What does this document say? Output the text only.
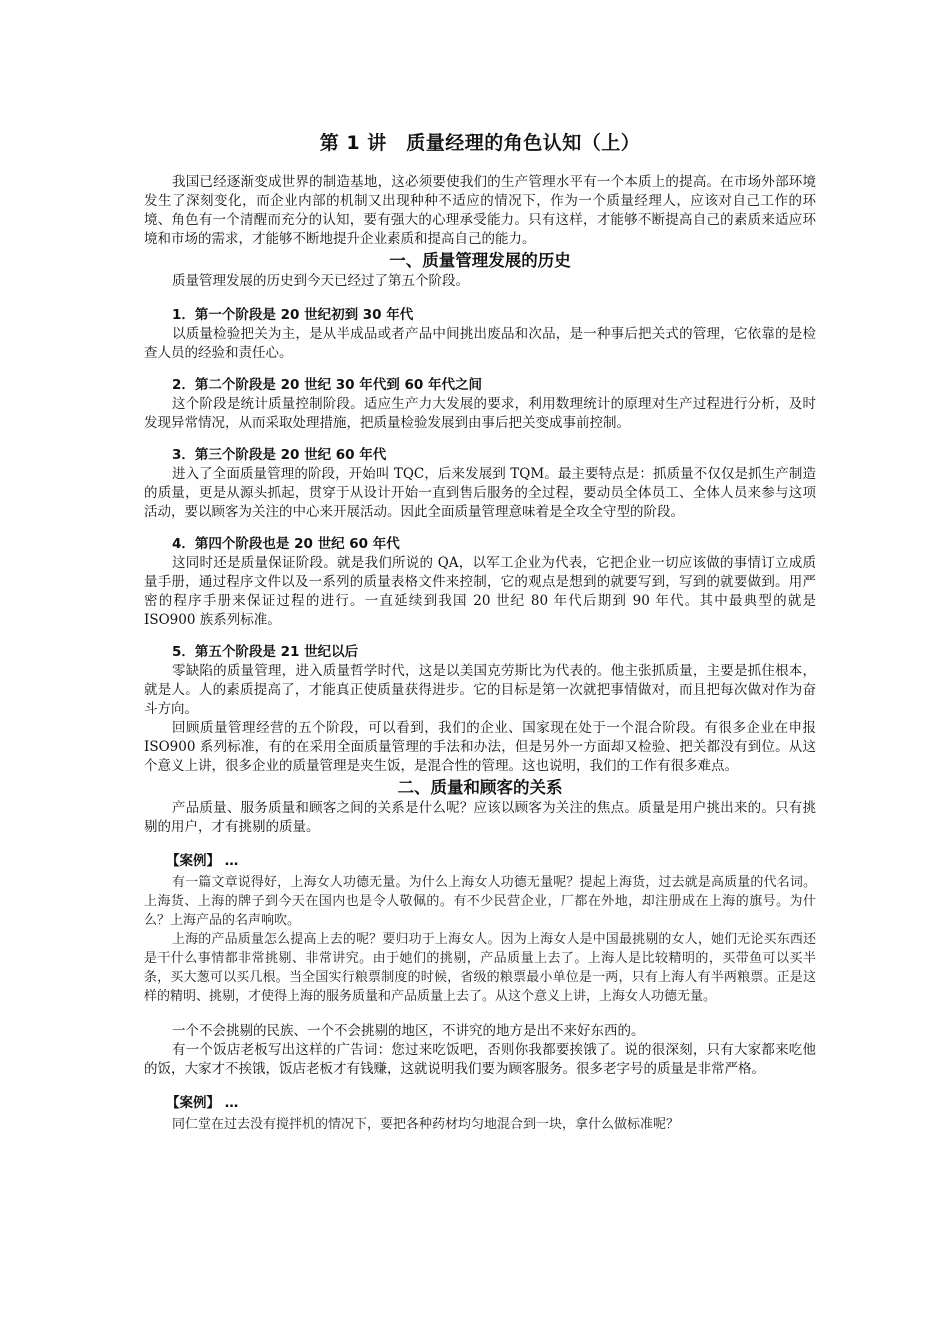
第 1 讲　质量经理的角色认知（上）

我国已经逐渐变成世界的制造基地，这必须要使我们的生产管理水平有一个本质上的提高。在市场外部环境发生了深刻变化，而企业内部的机制又出现种种不适应的情况下，作为一个质量经理人，应该对自己工作的环境、角色有一个清醒而充分的认知，要有强大的心理承受能力。只有这样，才能够不断提高自己的素质来适应环境和市场的需求，才能够不断地提升企业素质和提高自己的能力。

一、质量管理发展的历史

质量管理发展的历史到今天已经过了第五个阶段。

1．第一个阶段是 20 世纪初到 30 年代

以质量检验把关为主，是从半成品或者产品中间挑出废品和次品，是一种事后把关式的管理，它依靠的是检查人员的经验和责任心。

2．第二个阶段是 20 世纪 30 年代到 60 年代之间

这个阶段是统计质量控制阶段。适应生产力大发展的要求，利用数理统计的原理对生产过程进行分析，及时发现异常情况，从而采取处理措施，把质量检验发展到由事后把关变成事前控制。

3．第三个阶段是 20 世纪 60 年代

进入了全面质量管理的阶段，开始叫 TQC，后来发展到 TQM。最主要特点是：抓质量不仅仅是抓生产制造的质量，更是从源头抓起，贯穿于从设计开始一直到售后服务的全过程，要动员全体员工、全体人员来参与这项活动，要以顾客为关注的中心来开展活动。因此全面质量管理意味着是全攻全守型的阶段。

4．第四个阶段也是 20 世纪 60 年代

这同时还是质量保证阶段。就是我们所说的 QA，以军工企业为代表，它把企业一切应该做的事情订立成质量手册，通过程序文件以及一系列的质量表格文件来控制，它的观点是想到的就要写到，写到的就要做到。用严密的程序手册来保证过程的进行。一直延续到我国 20 世纪 80 年代后期到 90 年代。其中最典型的就是 ISO900 族系列标准。

5．第五个阶段是 21 世纪以后

零缺陷的质量管理，进入质量哲学时代，这是以美国克劳斯比为代表的。他主张抓质量，主要是抓住根本，就是人。人的素质提高了，才能真正使质量获得进步。它的目标是第一次就把事情做对，而且把每次做对作为奋斗方向。

回顾质量管理经营的五个阶段，可以看到，我们的企业、国家现在处于一个混合阶段。有很多企业在申报 ISO900 系列标准，有的在采用全面质量管理的手法和办法，但是另外一方面却又检验、把关都没有到位。从这个意义上讲，很多企业的质量管理是夹生饭，是混合性的管理。这也说明，我们的工作有很多难点。

二、质量和顾客的关系

产品质量、服务质量和顾客之间的关系是什么呢？应该以顾客为关注的焦点。质量是用户挑出来的。只有挑剔的用户，才有挑剔的质量。

【案例】 …

有一篇文章说得好，上海女人功德无量。为什么上海女人功德无量呢？提起上海货，过去就是高质量的代名词。上海货、上海的牌子到今天在国内也是令人敬佩的。有不少民营企业，厂都在外地，却注册成在上海的旗号。为什么？上海产品的名声响吹。

上海的产品质量怎么提高上去的呢？要归功于上海女人。因为上海女人是中国最挑剔的女人，她们无论买东西还是干什么事情都非常挑剔、非常讲究。由于她们的挑剔，产品质量上去了。上海人是比较精明的，买带鱼可以买半条，买大葱可以买几根。当全国实行粮票制度的时候，省级的粮票最小单位是一两，只有上海人有半两粮票。正是这样的精明、挑剔，才使得上海的服务质量和产品质量上去了。从这个意义上讲，上海女人功德无量。

一个不会挑剔的民族、一个不会挑剔的地区，不讲究的地方是出不来好东西的。

有一个饭店老板写出这样的广告词：您过来吃饭吧，否则你我都要挨饿了。说的很深刻，只有大家都来吃他的饭，大家才不挨饿，饭店老板才有钱赚，这就说明我们要为顾客服务。很多老字号的质量是非常严格。

【案例】 …

同仁堂在过去没有搅拌机的情况下，要把各种药材均匀地混合到一块，拿什么做标准呢？
